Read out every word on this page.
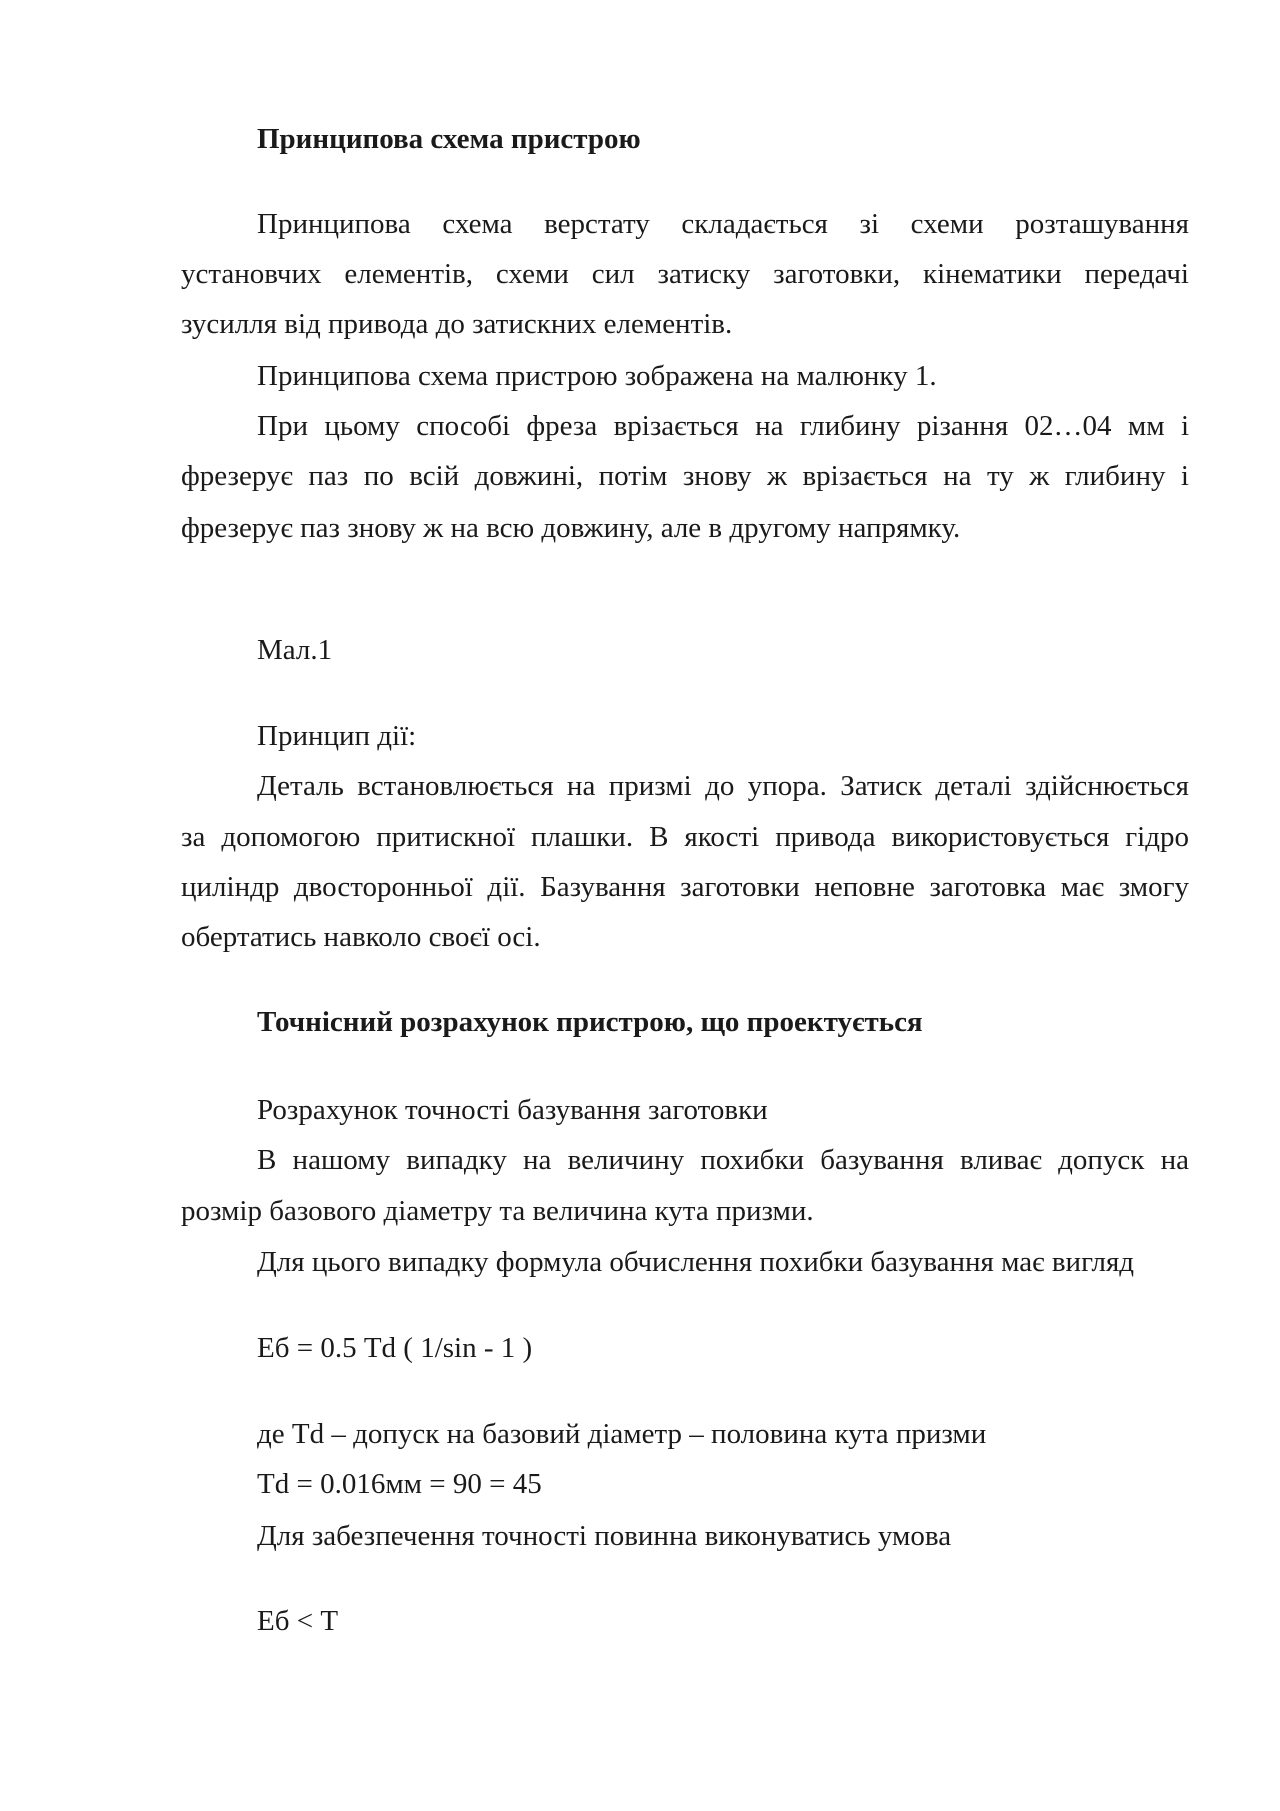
Принципова схема пристрою
Принципова схема верстату складається зі схеми розташування
установчих елементів, схеми сил затиску заготовки, кінематики передачі
зусилля від привода до затискних елементів.
Принципова схема пристрою зображена на малюнку 1.
При цьому способі фреза врізається на глибину різання 02…04 мм і
фрезерує паз по всій довжині, потім знову ж врізається на ту ж глибину і
фрезерує паз знову ж на всю довжину, але в другому напрямку.
Мал.1
Принцип дії:
Деталь встановлюється на призмі до упора. Затиск деталі здійснюється
за допомогою притискної плашки. В якості привода використовується гідро
циліндр двосторонньої дії. Базування заготовки неповне заготовка має змогу
обертатись навколо своєї осі.
Точнісний розрахунок пристрою, що проектується
Розрахунок точності базування заготовки
В нашому випадку на величину похибки базування вливає допуск на
розмір базового діаметру та величина кута призми.
Для цього випадку формула обчислення похибки базування має вигляд
Еб = 0.5 Td ( 1/sin - 1 )
де Td – допуск на базовий діаметр – половина кута призми
Td = 0.016мм = 90 = 45
Для забезпечення точності повинна виконуватись умова
Еб < Т
